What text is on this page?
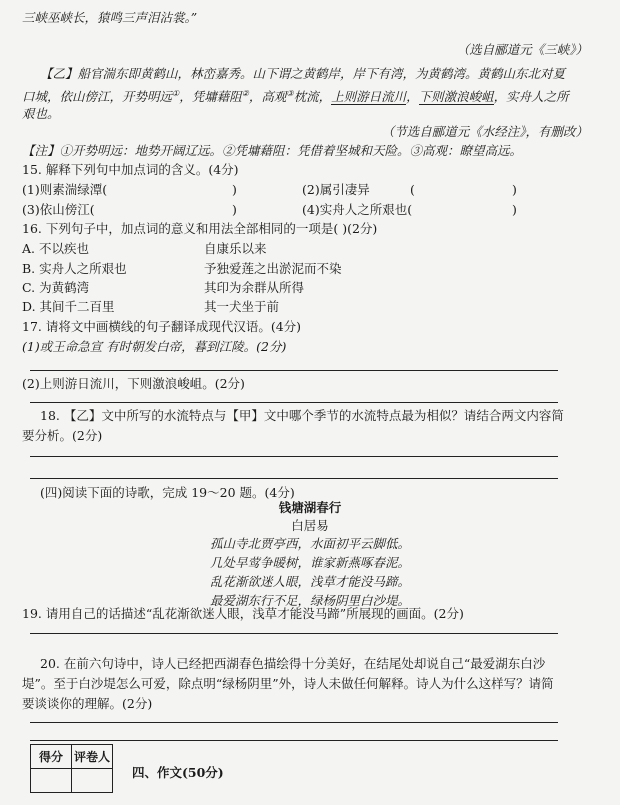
三峡巫峡长，猿鸣三声泪沾裳。”
（选自郦道元《三峡》）
【乙】船官湍东即黄鹤山，林峦嘉秀。山下谓之黄鹤岸，岸下有湾，为黄鹤湾。黄鹤山东北对夏
口城，依山傍江，开势明远①，凭墉藉阻②，高观③枕流，上则游日流川，下则激浪峻岨，实舟人之所
艰也。
（节选自郦道元《水经注》，有删改）
【注】①开势明远：地势开阔辽远。②凭墉藉阻：凭借着坚城和天险。③高观：瞭望高远。
15. 解释下列句中加点词的含义。(4分)
(1)则素湍绿潭(	)	(2)属引凄异	(	)
(3)依山傍江(	)	(4)实舟人之所艰也(	)
16. 下列句子中，加点词的意义和用法全部相同的一项是( )(2分)
A. 不以疾也	自康乐以来
B. 实舟人之所艰也	予独爱莲之出淤泥而不染
C. 为黄鹤湾	其印为余群从所得
D. 其间千二百里	其一犬坐于前
17. 请将文中画横线的句子翻译成现代汉语。(4分)
(1)或王命急宣 有时朝发白帝，暮到江陵。(2分)
(2)上则游日流川，下则激浪峻岨。(2分)
18. 【乙】文中所写的水流特点与【甲】文中哪个季节的水流特点最为相似？请结合两文内容简
要分析。(2分)
(四)阅读下面的诗歌，完成 19～20 题。(4分)
钱塘湖春行
白居易
孤山寺北贾亭西，水面初平云脚低。
几处早莺争暖树，谁家新燕啄春泥。
乱花渐欲迷人眼，浅草才能没马蹄。
最爱湖东行不足，绿杨阴里白沙堤。
19. 请用自己的话描述“乱花渐欲迷人眼，浅草才能没马蹄”所展现的画面。(2分)
20. 在前六句诗中，诗人已经把西湖春色描绘得十分美好，在结尾处却说自己“最爱湖东白沙
堤”。至于白沙堤怎么可爱，除点明“绿杨阴里”外，诗人未做任何解释。诗人为什么这样写？请简
要谈谈你的理解。(2分)
得分	评卷人

四、作文(50分)
